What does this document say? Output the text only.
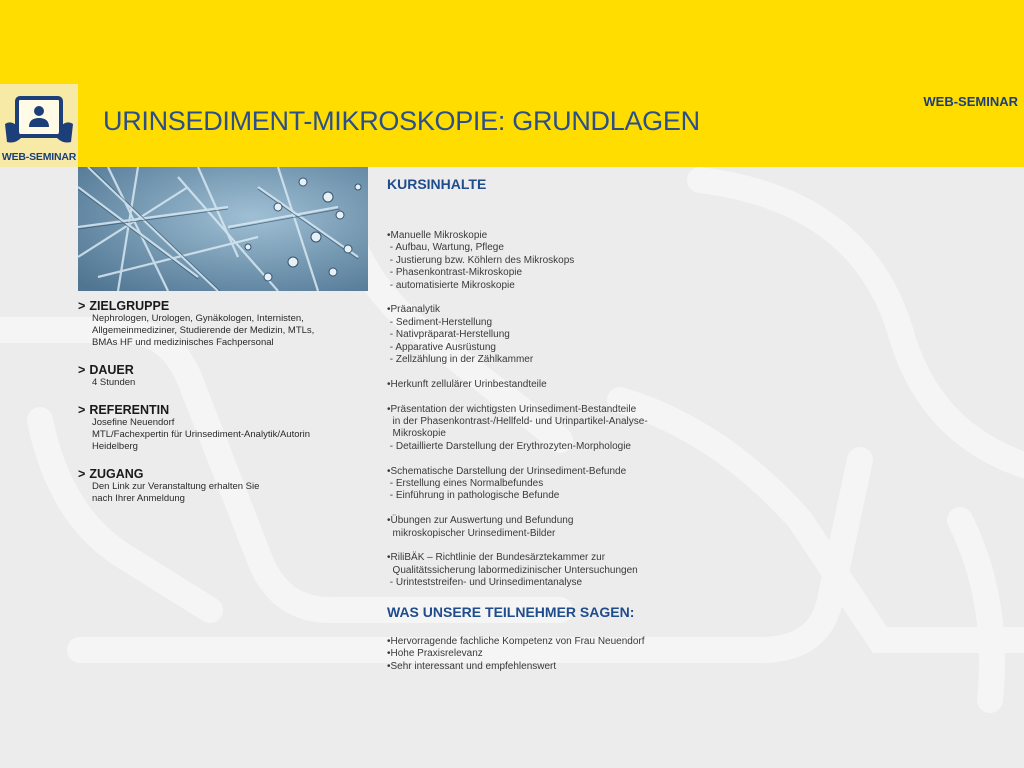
WEB-SEMINAR
WEB-SEMINAR
URINSEDIMENT-MIKROSKOPIE: GRUNDLAGEN
> ZIELGRUPPE
Nephrologen, Urologen, Gynäkologen, Internisten,
Allgemeinmediziner, Studierende der Medizin, MTLs,
BMAs HF und medizinisches Fachpersonal
> DAUER
4 Stunden
> REFERENTIN
Josefine Neuendorf
MTL/Fachexpertin für Urinsediment-Analytik/Autorin
Heidelberg
> ZUGANG
Den Link zur Veranstaltung erhalten Sie
nach Ihrer Anmeldung
KURSINHALTE
•Manuelle Mikroskopie
- Aufbau, Wartung, Pflege
- Justierung bzw. Köhlern des Mikroskops
- Phasenkontrast-Mikroskopie
- automatisierte Mikroskopie
•Präanalytik
- Sediment-Herstellung
- Nativpräparat-Herstellung
- Apparative Ausrüstung
- Zellzählung in der Zählkammer
•Herkunft zellulärer Urinbestandteile
•Präsentation der wichtigsten Urinsediment-Bestandteile
in der Phasenkontrast-/Hellfeld- und Urinpartikel-Analyse-
Mikroskopie
- Detaillierte Darstellung der Erythrozyten-Morphologie
•Schematische Darstellung der Urinsediment-Befunde
- Erstellung eines Normalbefundes
- Einführung in pathologische Befunde
•Übungen zur Auswertung und Befundung
mikroskopischer Urinsediment-Bilder
•RiliBÄK – Richtlinie der Bundesärztekammer zur
Qualitätssicherung labormedizinischer Untersuchungen
- Urinteststreifen- und Urinsedimentanalyse
WAS UNSERE TEILNEHMER SAGEN:
•Hervorragende fachliche Kompetenz von Frau Neuendorf
•Hohe Praxisrelevanz
•Sehr interessant und empfehlenswert
